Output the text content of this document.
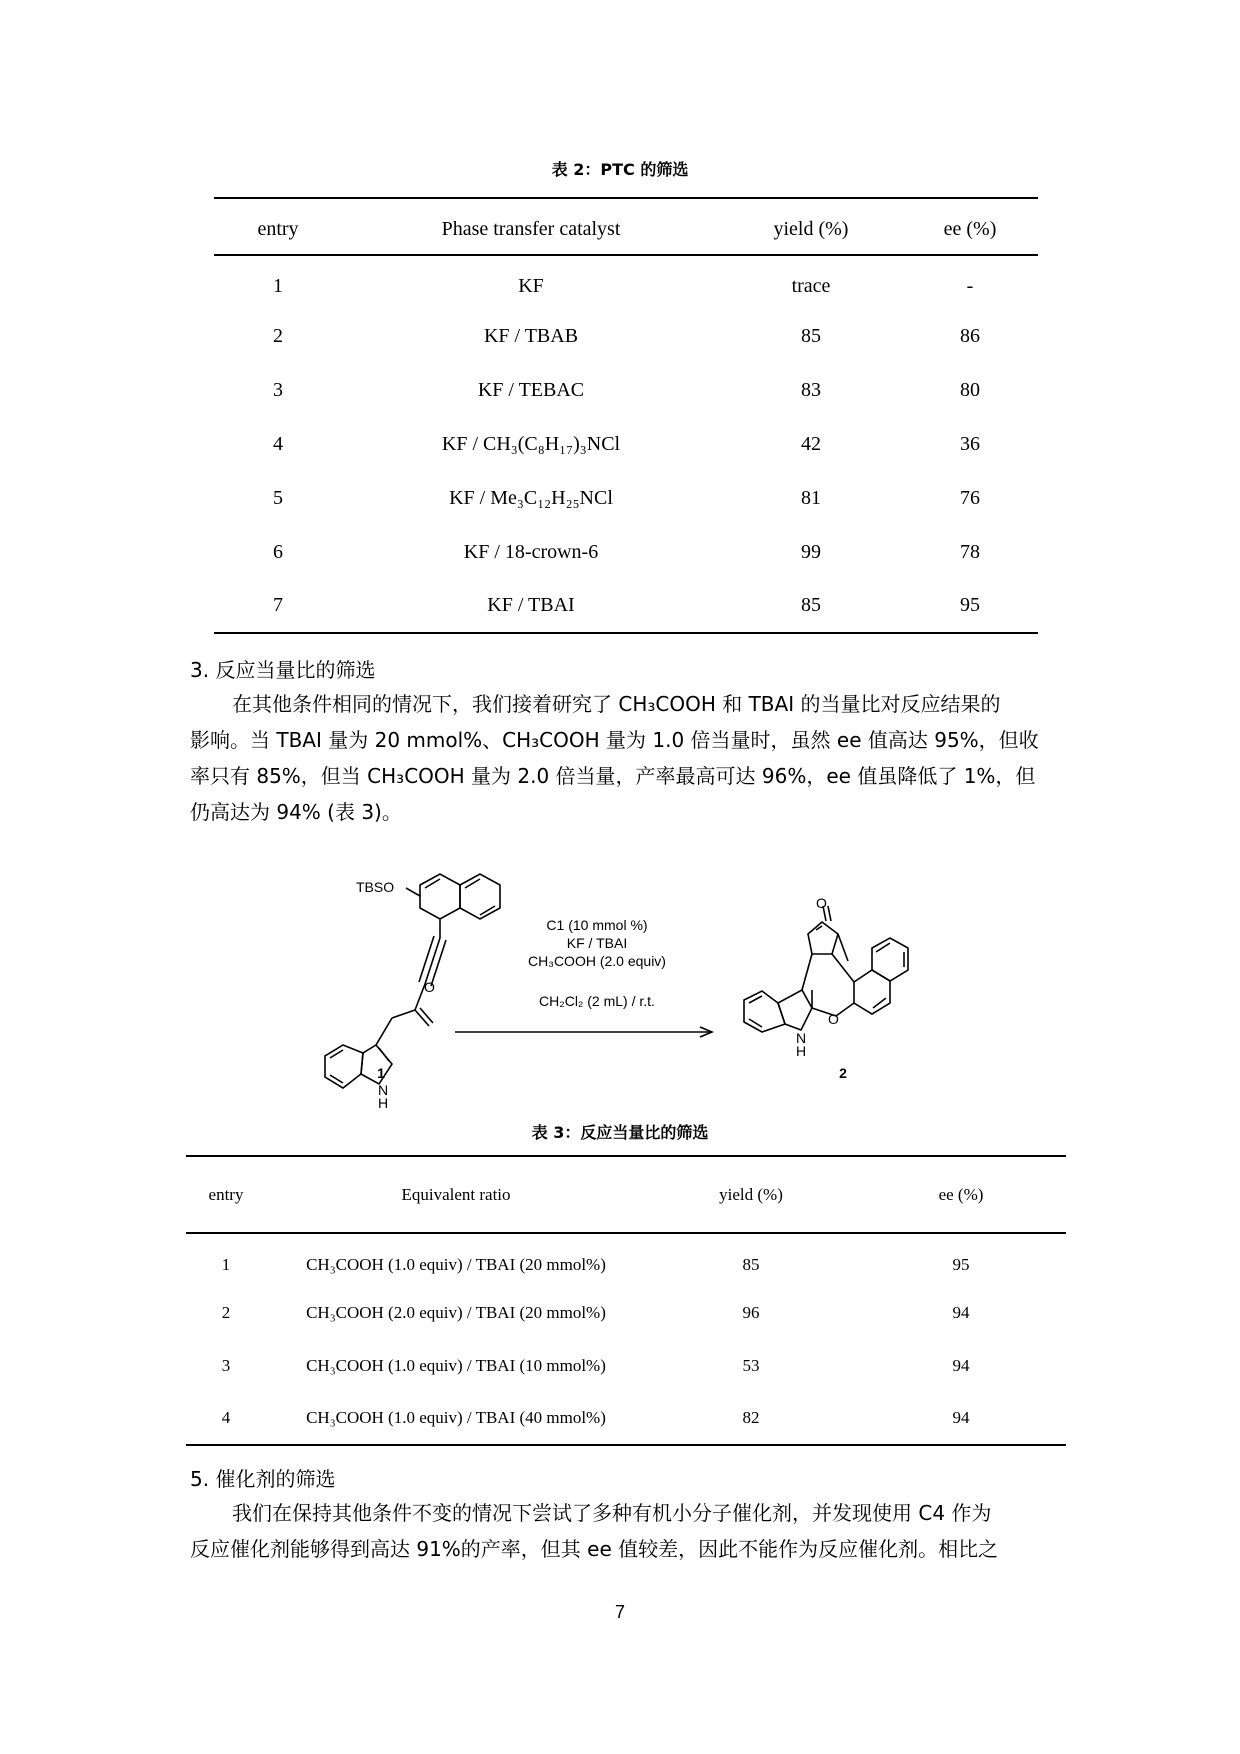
表 2：PTC 的筛选
entry	Phase transfer catalyst	yield (%)	ee (%)
1	KF	trace	-
2	KF / TBAB	85	86
3	KF / TEBAC	83	80
4	KF / CH₃(C₈H₁₇)₃NCl	42	36
5	KF / Me₃C₁₂H₂₅NCl	81	76
6	KF / 18-crown-6	99	78
7	KF / TBAI	85	95
3. 反应当量比的筛选
在其他条件相同的情况下，我们接着研究了 CH₃COOH 和 TBAI 的当量比对反应结果的
影响。当 TBAI 量为 20 mmol%、CH₃COOH 量为 1.0 倍当量时，虽然 ee 值高达 95%，但收
率只有 85%，但当 CH₃COOH 量为 2.0 倍当量，产率最高可达 96%，ee 值虽降低了 1%，但
仍高达为 94% (表 3)。
TBSO
O
N
H
O
O
N
H
C1 (10 mmol %)
KF / TBAI
CH₃COOH (2.0 equiv)
CH₂Cl₂ (2 mL) / r.t.
1	2
表 3：反应当量比的筛选
entry	Equivalent ratio	yield (%)	ee (%)
1	CH₃COOH (1.0 equiv) / TBAI (20 mmol%)	85	95
2	CH₃COOH (2.0 equiv) / TBAI (20 mmol%)	96	94
3	CH₃COOH (1.0 equiv) / TBAI (10 mmol%)	53	94
4	CH₃COOH (1.0 equiv) / TBAI (40 mmol%)	82	94
5. 催化剂的筛选
我们在保持其他条件不变的情况下尝试了多种有机小分子催化剂，并发现使用 C4 作为
反应催化剂能够得到高达 91%的产率，但其 ee 值较差，因此不能作为反应催化剂。相比之
7
